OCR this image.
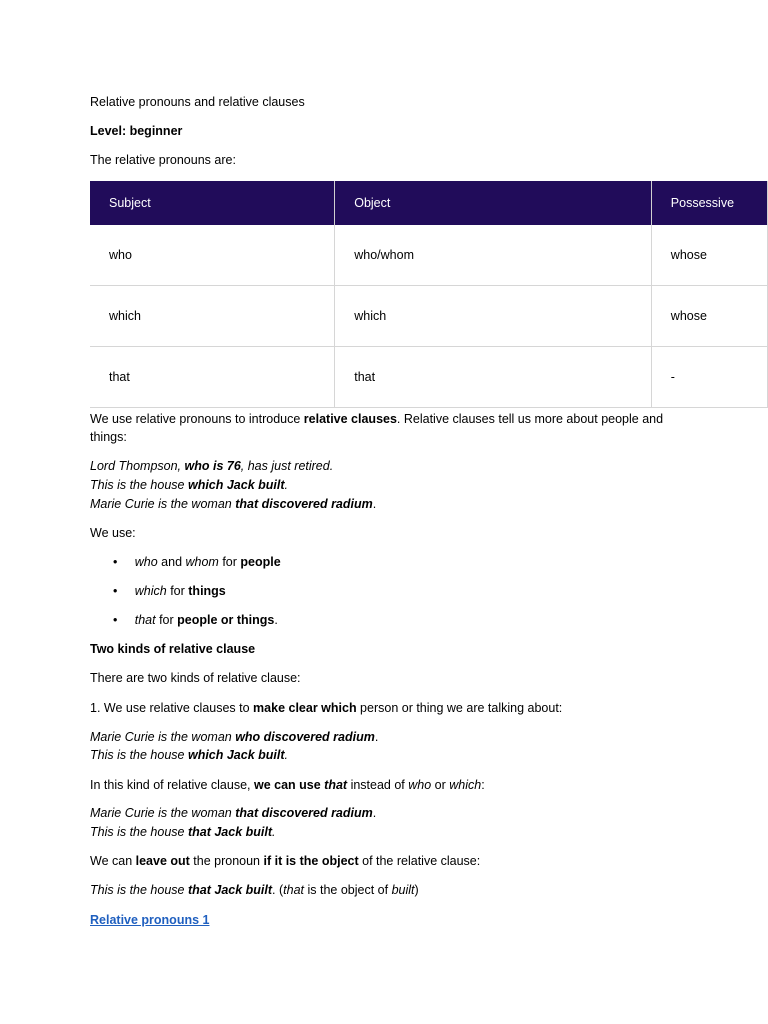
Relative pronouns and relative clauses

Level: beginner

The relative pronouns are:

Subject	Object	Possessive
who	who/whom	whose
which	which	whose
that	that	-

We use relative pronouns to introduce relative clauses. Relative clauses tell us more about people and

things:

Lord Thompson, who is 76, has just retired.

This is the house which Jack built.

Marie Curie is the woman that discovered radium.

We use:

•     who and whom for people

•     which for things

•     that for people or things.

Two kinds of relative clause

There are two kinds of relative clause:

1. We use relative clauses to make clear which person or thing we are talking about:

Marie Curie is the woman who discovered radium.

This is the house which Jack built.

In this kind of relative clause, we can use that instead of who or which:

Marie Curie is the woman that discovered radium.

This is the house that Jack built.

We can leave out the pronoun if it is the object of the relative clause:

This is the house that Jack built. (that is the object of built)

Relative pronouns 1
